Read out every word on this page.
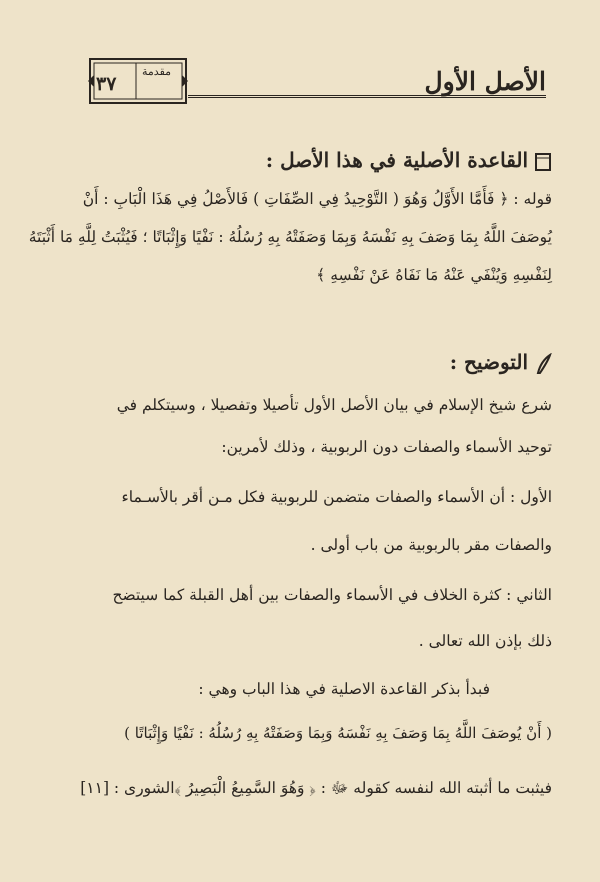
٣٧
مقدمة	الأصل الأول
القاعدة الأصلية في هذا الأصل :
قوله : ﴿ فَأَمَّا الأَوَّلُ وَهُوَ ( التَّوْحِيدُ فِي الصِّفَاتِ ) فَالأَصْلُ فِي هَذَا الْبَابِ : أَنْ
يُوصَفَ اللَّهُ بِمَا وَصَفَ بِهِ نَفْسَهُ وَبِمَا وَصَفَتْهُ بِهِ رُسُلُهُ : نَفْيًا وَإِثْبَاتًا ؛ فَيُثْبَتُ لِلَّهِ مَا أَثْبَتَهُ
لِنَفْسِهِ وَيُنْفَي عَنْهُ مَا نَفَاهُ عَنْ نَفْسِهِ ﴾
التوضيح :
شرع شيخ الإسلام في بيان الأصل الأول تأصيلا وتفصيلا ، وسيتكلم في
توحيد الأسماء والصفات دون الربوبية ، وذلك لأمرين:
الأول : أن الأسماء والصفات متضمن للربوبية فكل مـن أقر بالأسـماء
والصفات مقر بالربوبية من باب أولى .
الثاني : كثرة الخلاف في الأسماء والصفات بين أهل القبلة كما سيتضح
ذلك بإذن الله تعالى .
فبدأ بذكر القاعدة الاصلية في هذا الباب وهي :
( أَنْ يُوصَفَ اللَّهُ بِمَا وَصَفَ بِهِ نَفْسَهُ وَبِمَا وَصَفَتْهُ بِهِ رُسُلُهُ : نَفْيًا وَإِثْبَاتًا )
فيثبت ما أثبته الله لنفسه كقوله ﷻ : ﴿ وَهُوَ السَّمِيعُ الْبَصِيرُ ﴾الشورى : [١١]
